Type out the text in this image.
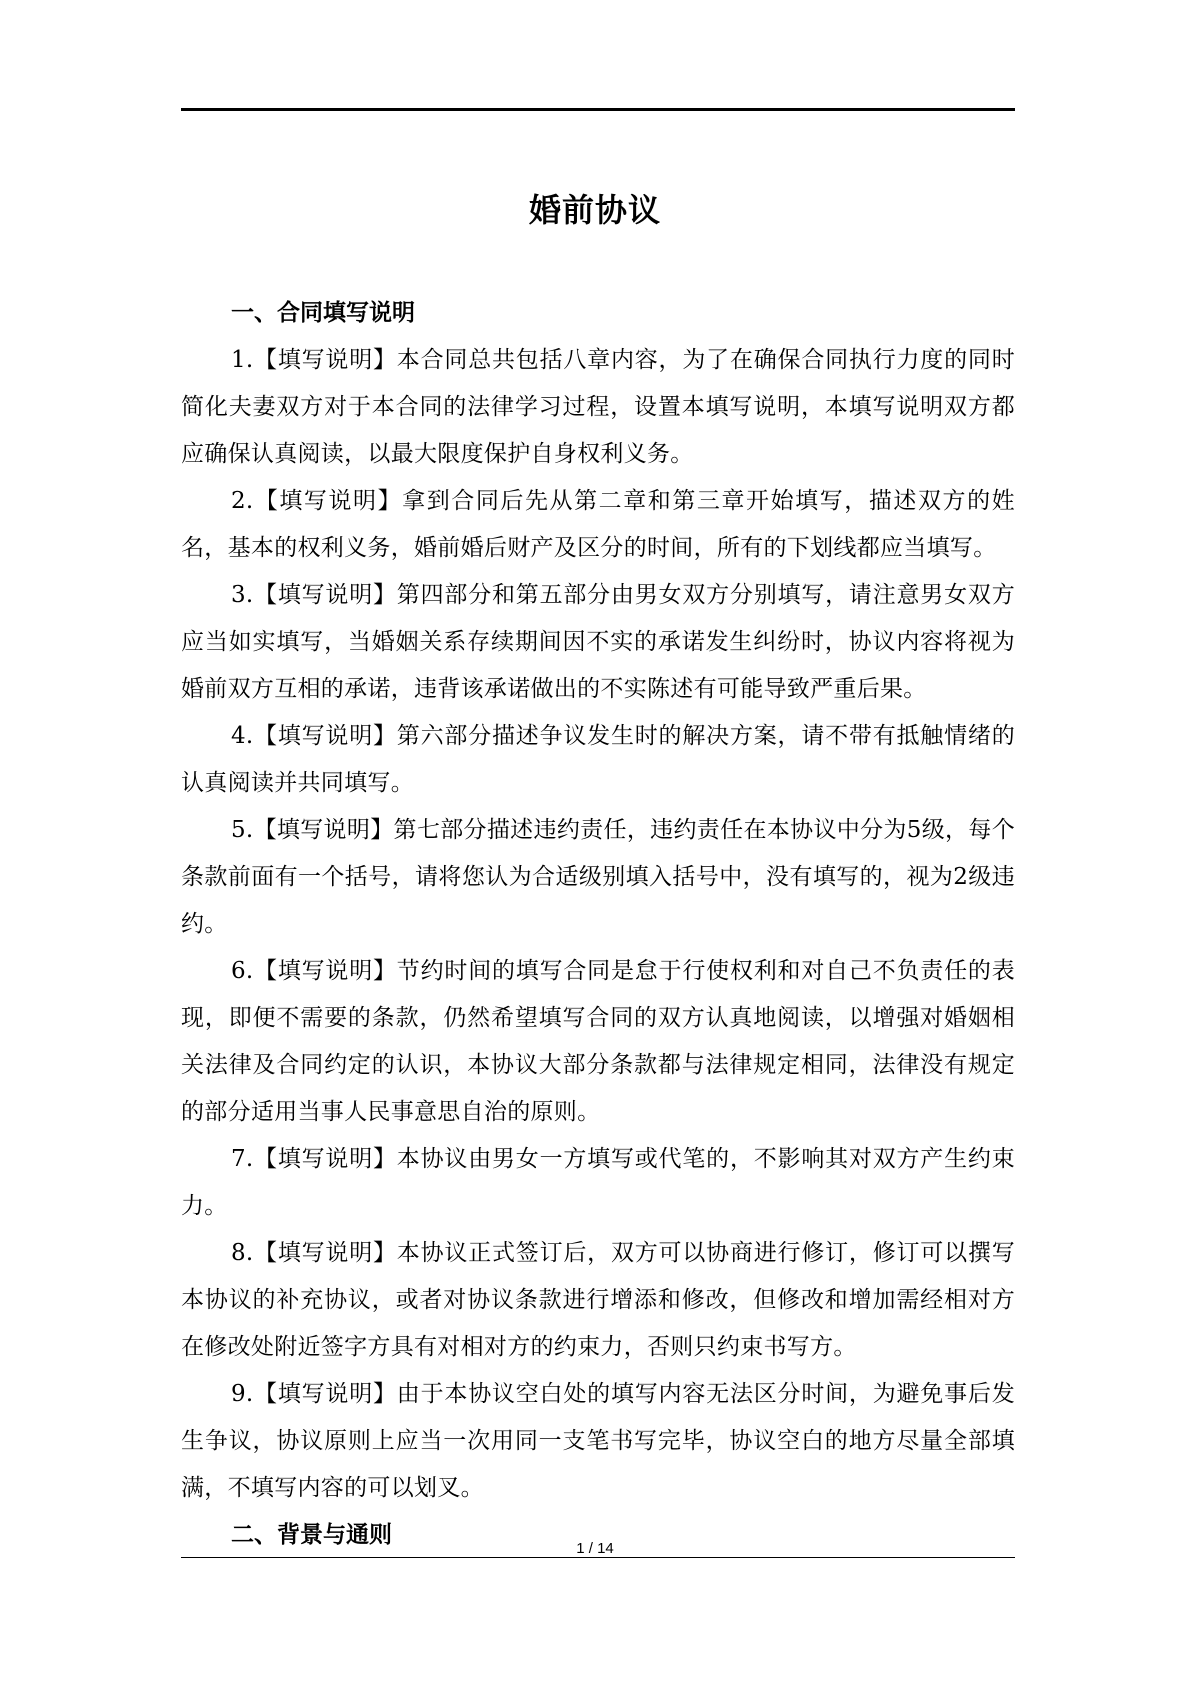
婚前协议
一、合同填写说明

1.【填写说明】本合同总共包括八章内容，为了在确保合同执行力度的同时简化夫妻双方对于本合同的法律学习过程，设置本填写说明，本填写说明双方都应确保认真阅读，以最大限度保护自身权利义务。

2.【填写说明】拿到合同后先从第二章和第三章开始填写，描述双方的姓名，基本的权利义务，婚前婚后财产及区分的时间，所有的下划线都应当填写。

3.【填写说明】第四部分和第五部分由男女双方分别填写，请注意男女双方应当如实填写，当婚姻关系存续期间因不实的承诺发生纠纷时，协议内容将视为婚前双方互相的承诺，违背该承诺做出的不实陈述有可能导致严重后果。

4.【填写说明】第六部分描述争议发生时的解决方案，请不带有抵触情绪的认真阅读并共同填写。

5.【填写说明】第七部分描述违约责任，违约责任在本协议中分为5级，每个条款前面有一个括号，请将您认为合适级别填入括号中，没有填写的，视为2级违约。

6.【填写说明】节约时间的填写合同是怠于行使权利和对自己不负责任的表现，即便不需要的条款，仍然希望填写合同的双方认真地阅读，以增强对婚姻相关法律及合同约定的认识，本协议大部分条款都与法律规定相同，法律没有规定的部分适用当事人民事意思自治的原则。

7.【填写说明】本协议由男女一方填写或代笔的，不影响其对双方产生约束力。

8.【填写说明】本协议正式签订后，双方可以协商进行修订，修订可以撰写本协议的补充协议，或者对协议条款进行增添和修改，但修改和增加需经相对方在修改处附近签字方具有对相对方的约束力，否则只约束书写方。

9.【填写说明】由于本协议空白处的填写内容无法区分时间，为避免事后发生争议，协议原则上应当一次用同一支笔书写完毕，协议空白的地方尽量全部填满，不填写内容的可以划叉。

二、背景与通则
1 / 14
